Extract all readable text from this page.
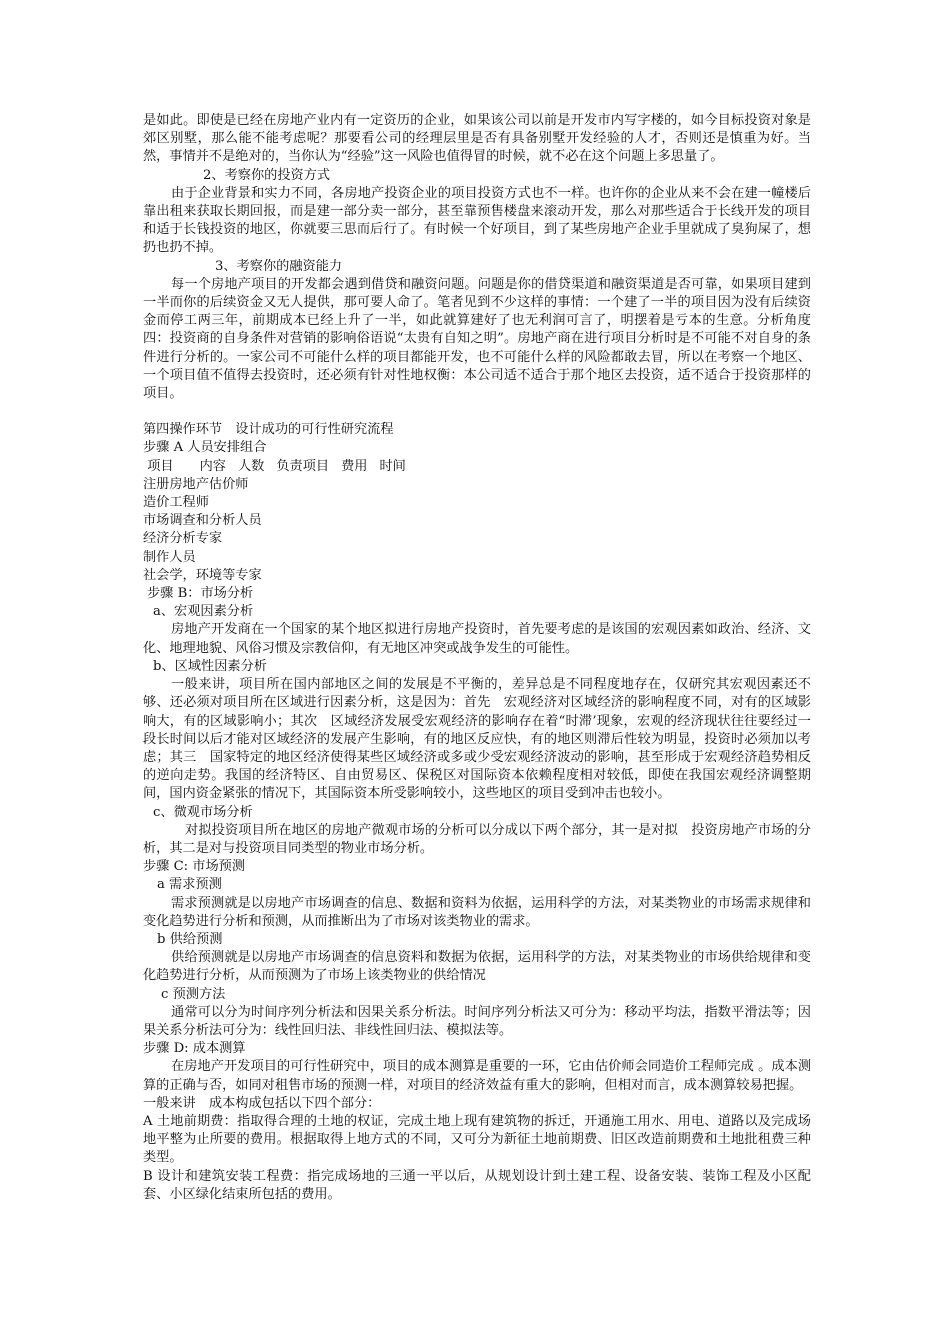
是如此。即使是已经在房地产业内有一定资历的企业，如果该公司以前是开发市内写字楼的，如今目标投资对象是郊区别墅，那么能不能考虑呢？那要看公司的经理层里是否有具备别墅开发经验的人才，否则还是慎重为好。当然，事情并不是绝对的，当你认为“经验”这一风险也值得冒的时候，就不必在这个问题上多思量了。

2、考察你的投资方式

由于企业背景和实力不同，各房地产投资企业的项目投资方式也不一样。也许你的企业从来不会在建一幢楼后靠出租来获取长期回报，而是建一部分卖一部分，甚至靠预售楼盘来滚动开发，那么对那些适合于长线开发的项目和适于长钱投资的地区，你就要三思而后行了。有时候一个好项目，到了某些房地产企业手里就成了臭狗屎了，想扔也扔不掉。

3、考察你的融资能力

每一个房地产项目的开发都会遇到借贷和融资问题。问题是你的借贷渠道和融资渠道是否可靠，如果项目建到一半而你的后续资金又无人提供，那可要人命了。笔者见到不少这样的事情：一个建了一半的项目因为没有后续资金而停工两三年，前期成本已经上升了一半，如此就算建好了也无利润可言了，明摆着是亏本的生意。分析角度四：投资商的自身条件对营销的影响俗语说“太贵有自知之明”。房地产商在进行项目分析时是不可能不对自身的条件进行分析的。一家公司不可能什么样的项目都能开发，也不可能什么样的风险都敢去冒，所以在考察一个地区、一个项目值不值得去投资时，还必须有针对性地权衡：本公司适不适合于那个地区去投资，适不适合于投资那样的项目。

第四操作环节　设计成功的可行性研究流程

步骤 A 人员安排组合

项目 内容 人数 负责项目 费用 时间

注册房地产估价师

造价工程师

市场调查和分析人员

经济分析专家

制作人员

社会学，环境等专家

步骤 B：市场分析

a、宏观因素分析

房地产开发商在一个国家的某个地区拟进行房地产投资时，首先要考虑的是该国的宏观因素如政治、经济、文化、地理地貌、风俗习惯及宗教信仰，有无地区冲突或战争发生的可能性。

b、区域性因素分析

一般来讲，项目所在国内部地区之间的发展是不平衡的，差异总是不同程度地存在，仅研究其宏观因素还不够、还必须对项目所在区域进行因素分析，这是因为：首先　宏观经济对区域经济的影响程度不同，对有的区域影响大，有的区域影响小；其次　区域经济发展受宏观经济的影响存在着“时滞’现象，宏观的经济现状往往要经过一段长时间以后才能对区域经济的发展产生影响，有的地区反应快，有的地区则滞后性较为明显，投资时必须加以考虑；其三　国家特定的地区经济使得某些区域经济或多或少受宏观经济波动的影响，甚至形成于宏观经济趋势相反的逆向走势。我国的经济特区、自由贸易区、保税区对国际资本依赖程度相对较低，即使在我国宏观经济调整期间，国内资金紧张的情况下，其国际资本所受影响较小，这些地区的项目受到冲击也较小。

c、微观市场分析

对拟投资项目所在地区的房地产微观市场的分析可以分成以下两个部分，其一是对拟　投资房地产市场的分析，其二是对与投资项目同类型的物业市场分析。

步骤 C: 市场预测

a 需求预测

需求预测就是以房地产市场调查的信息、数据和资料为依据，运用科学的方法，对某类物业的市场需求规律和变化趋势进行分析和预测，从而推断出为了市场对该类物业的需求。

b 供给预测

供给预测就是以房地产市场调查的信息资料和数据为依据，运用科学的方法，对某类物业的市场供给规律和变化趋势进行分析，从而预测为了市场上该类物业的供给情况

c 预测方法

通常可以分为时间序列分析法和因果关系分析法。时间序列分析法又可分为：移动平均法，指数平滑法等；因果关系分析法可分为：线性回归法、非线性回归法、模拟法等。

步骤 D: 成本测算

在房地产开发项目的可行性研究中，项目的成本测算是重要的一环，它由估价师会同造价工程师完成 。成本测算的正确与否，如同对租售市场的预测一样，对项目的经济效益有重大的影响，但相对而言，成本测算较易把握。

一般来讲　成本构成包括以下四个部分：

A 土地前期费：指取得合理的土地的权证，完成土地上现有建筑物的拆迁，开通施工用水、用电、道路以及完成场地平整为止所要的费用。根据取得上地方式的不同，又可分为新征土地前期费、旧区改造前期费和土地批租费三种类型。

B 设计和建筑安装工程费：指完成场地的三通一平以后，从规划设计到土建工程、设备安装、装饰工程及小区配套、小区绿化结束所包括的费用。
